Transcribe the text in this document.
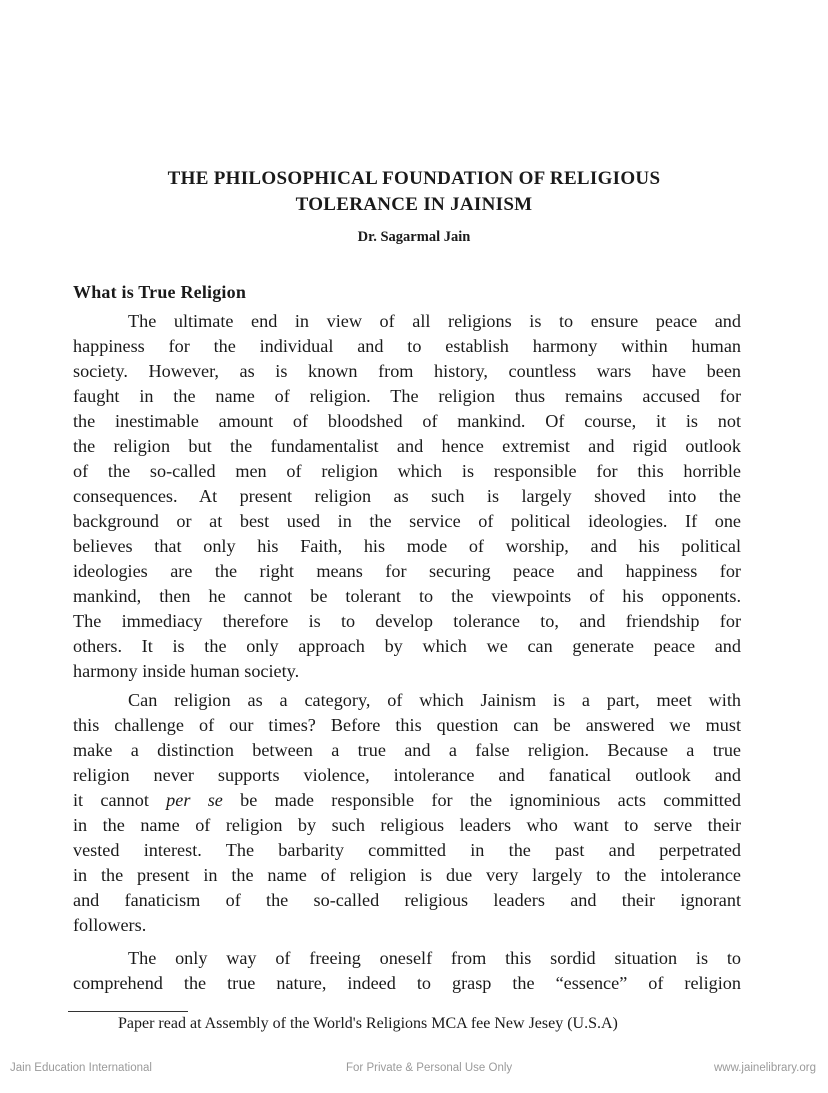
THE PHILOSOPHICAL FOUNDATION OF RELIGIOUS
TOLERANCE IN JAINISM
Dr. Sagarmal Jain
What is True Religion
The ultimate end in view of all religions is to ensure peace and
happiness for the individual and to establish harmony within human
society. However, as is known from history, countless wars have been
faught in the name of religion. The religion thus remains accused for
the inestimable amount of bloodshed of mankind. Of course, it is not
the religion but the fundamentalist and hence extremist and rigid outlook
of the so-called men of religion which is responsible for this horrible
consequences. At present religion as such is largely shoved into the
background or at best used in the service of political ideologies. If one
believes that only his Faith, his mode of worship, and his political
ideologies are the right means for securing peace and happiness for
mankind, then he cannot be tolerant to the viewpoints of his opponents.
The immediacy therefore is to develop tolerance to, and friendship for
others. It is the only approach by which we can generate peace and
harmony inside human society.
Can religion as a category, of which Jainism is a part, meet with
this challenge of our times? Before this question can be answered we must
make a distinction between a true and a false religion. Because a true
religion never supports violence, intolerance and fanatical outlook and
it cannot per se be made responsible for the ignominious acts committed
in the name of religion by such religious leaders who want to serve their
vested interest. The barbarity committed in the past and perpetrated
in the present in the name of religion is due very largely to the intolerance
and fanaticism of the so-called religious leaders and their ignorant
followers.
The only way of freeing oneself from this sordid situation is to
comprehend the true nature, indeed to grasp the “essence” of religion
Paper read at Assembly of the World's Religions MCA fee New Jesey (U.S.A)
Jain Education International	For Private & Personal Use Only	www.jainelibrary.org
